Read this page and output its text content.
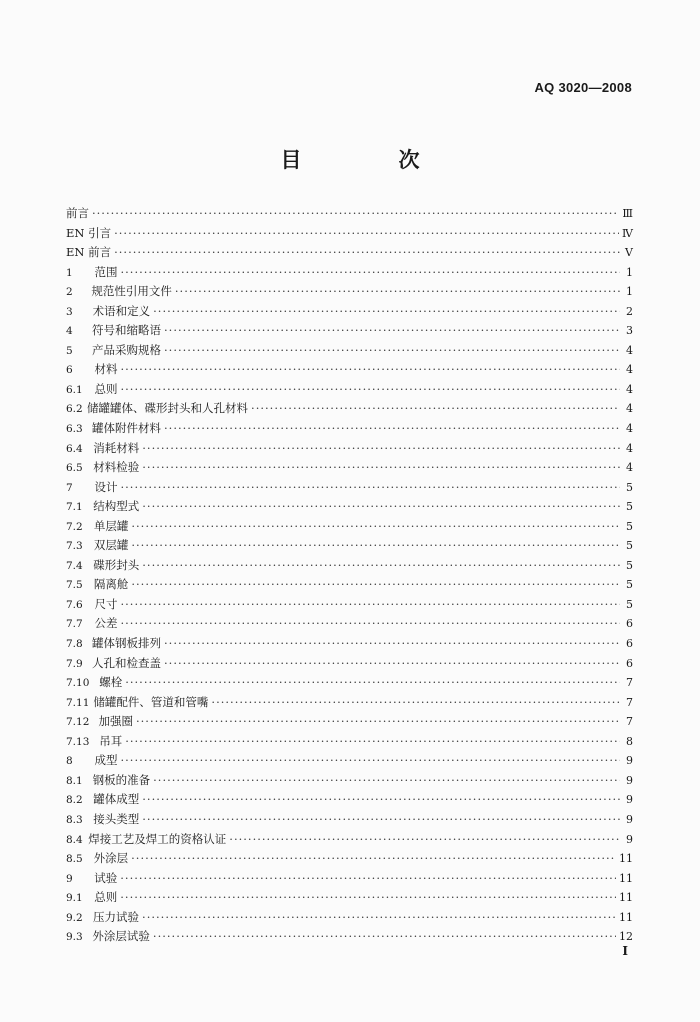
AQ 3020—2008
目　次
前言 ·····	Ⅲ
EN 引言 ·····	Ⅳ
EN 前言 ·····	Ⅴ
1	范围 ·····	1
2	规范性引用文件 ·····	1
3	术语和定义 ·····	2
4	符号和缩略语 ·····	3
5	产品采购规格 ·····	4
6	材料 ·····	4
6.1	总则 ·····	4
6.2 储罐罐体、碟形封头和人孔材料 ·····	4
6.3 罐体附件材料 ·····	4
6.4 消耗材料 ·····	4
6.5 材料检验 ·····	4
7	设计 ·····	5
7.1 结构型式 ·····	5
7.2 单层罐 ·····	5
7.3 双层罐 ·····	5
7.4 碟形封头 ·····	5
7.5 隔离舱 ·····	5
7.6	尺寸 ·····	5
7.7	公差 ·····	6
7.8 罐体钢板排列 ·····	6
7.9 人孔和检查盖 ·····	6
7.10 螺栓 ·····	7
7.11 储罐配件、管道和管嘴 ·····	7
7.12 加强圈 ·····	7
7.13 吊耳 ·····	8
8	成型 ·····	9
8.1 钢板的准备 ·····	9
8.2 罐体成型 ·····	9
8.3 接头类型 ·····	9
8.4 焊接工艺及焊工的资格认证 ·····	9
8.5 外涂层 ·····	11
9	试验 ·····	11
9.1	总则 ·····	11
9.2 压力试验 ·····	11
9.3 外涂层试验 ·····	12
Ⅰ
